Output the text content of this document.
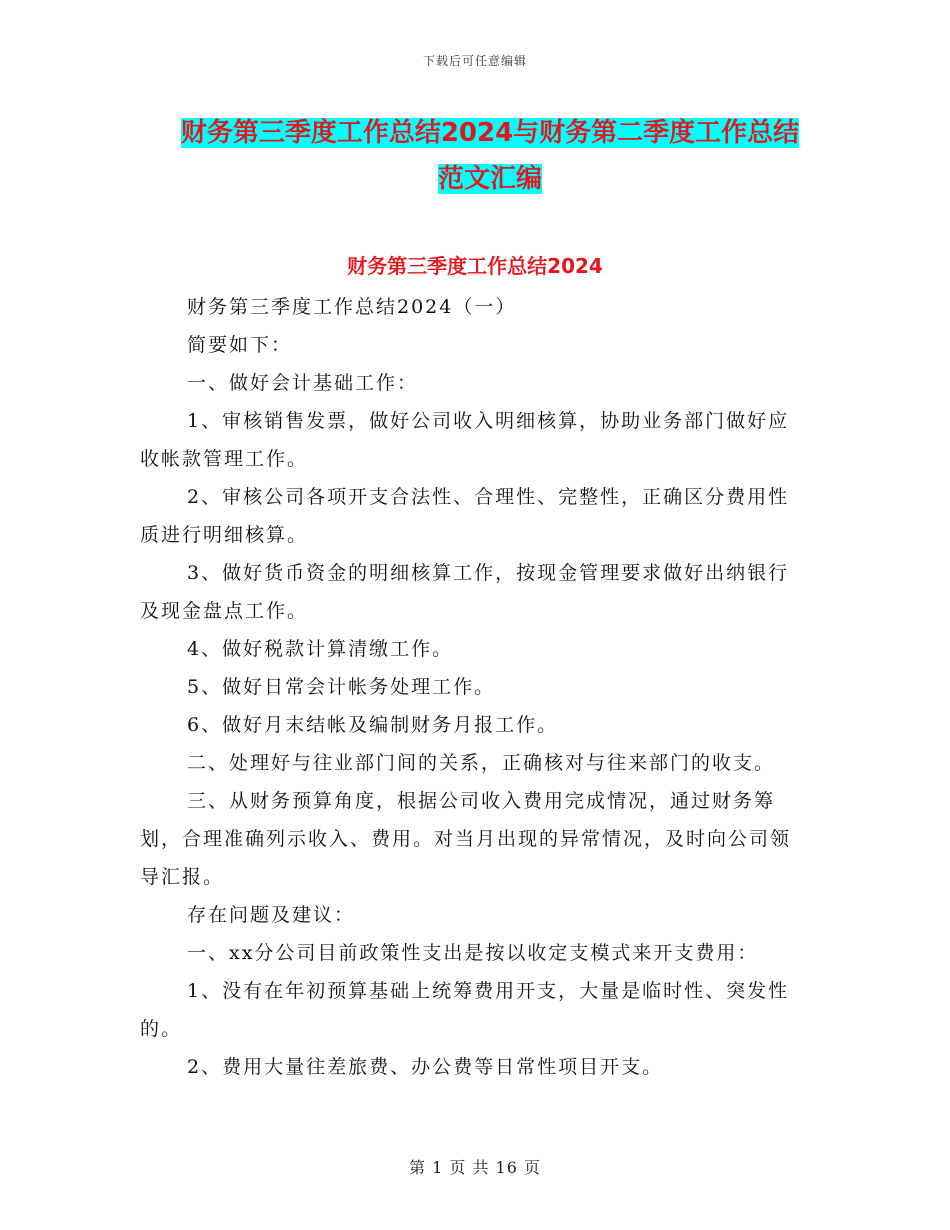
下载后可任意编辑
财务第三季度工作总结2024与财务第二季度工作总结
范文汇编
财务第三季度工作总结2024

财务第三季度工作总结2024（一）

简要如下：

一、做好会计基础工作：

1、审核销售发票，做好公司收入明细核算，协助业务部门做好应收帐款管理工作。

2、审核公司各项开支合法性、合理性、完整性，正确区分费用性质进行明细核算。

3、做好货币资金的明细核算工作，按现金管理要求做好出纳银行及现金盘点工作。

4、做好税款计算清缴工作。

5、做好日常会计帐务处理工作。

6、做好月末结帐及编制财务月报工作。

二、处理好与往业部门间的关系，正确核对与往来部门的收支。

三、从财务预算角度，根据公司收入费用完成情况，通过财务筹划，合理准确列示收入、费用。对当月出现的异常情况，及时向公司领导汇报。

存在问题及建议：

一、xx分公司目前政策性支出是按以收定支模式来开支费用：

1、没有在年初预算基础上统筹费用开支，大量是临时性、突发性的。

2、费用大量往差旅费、办公费等日常性项目开支。

第 1 页 共 16 页
